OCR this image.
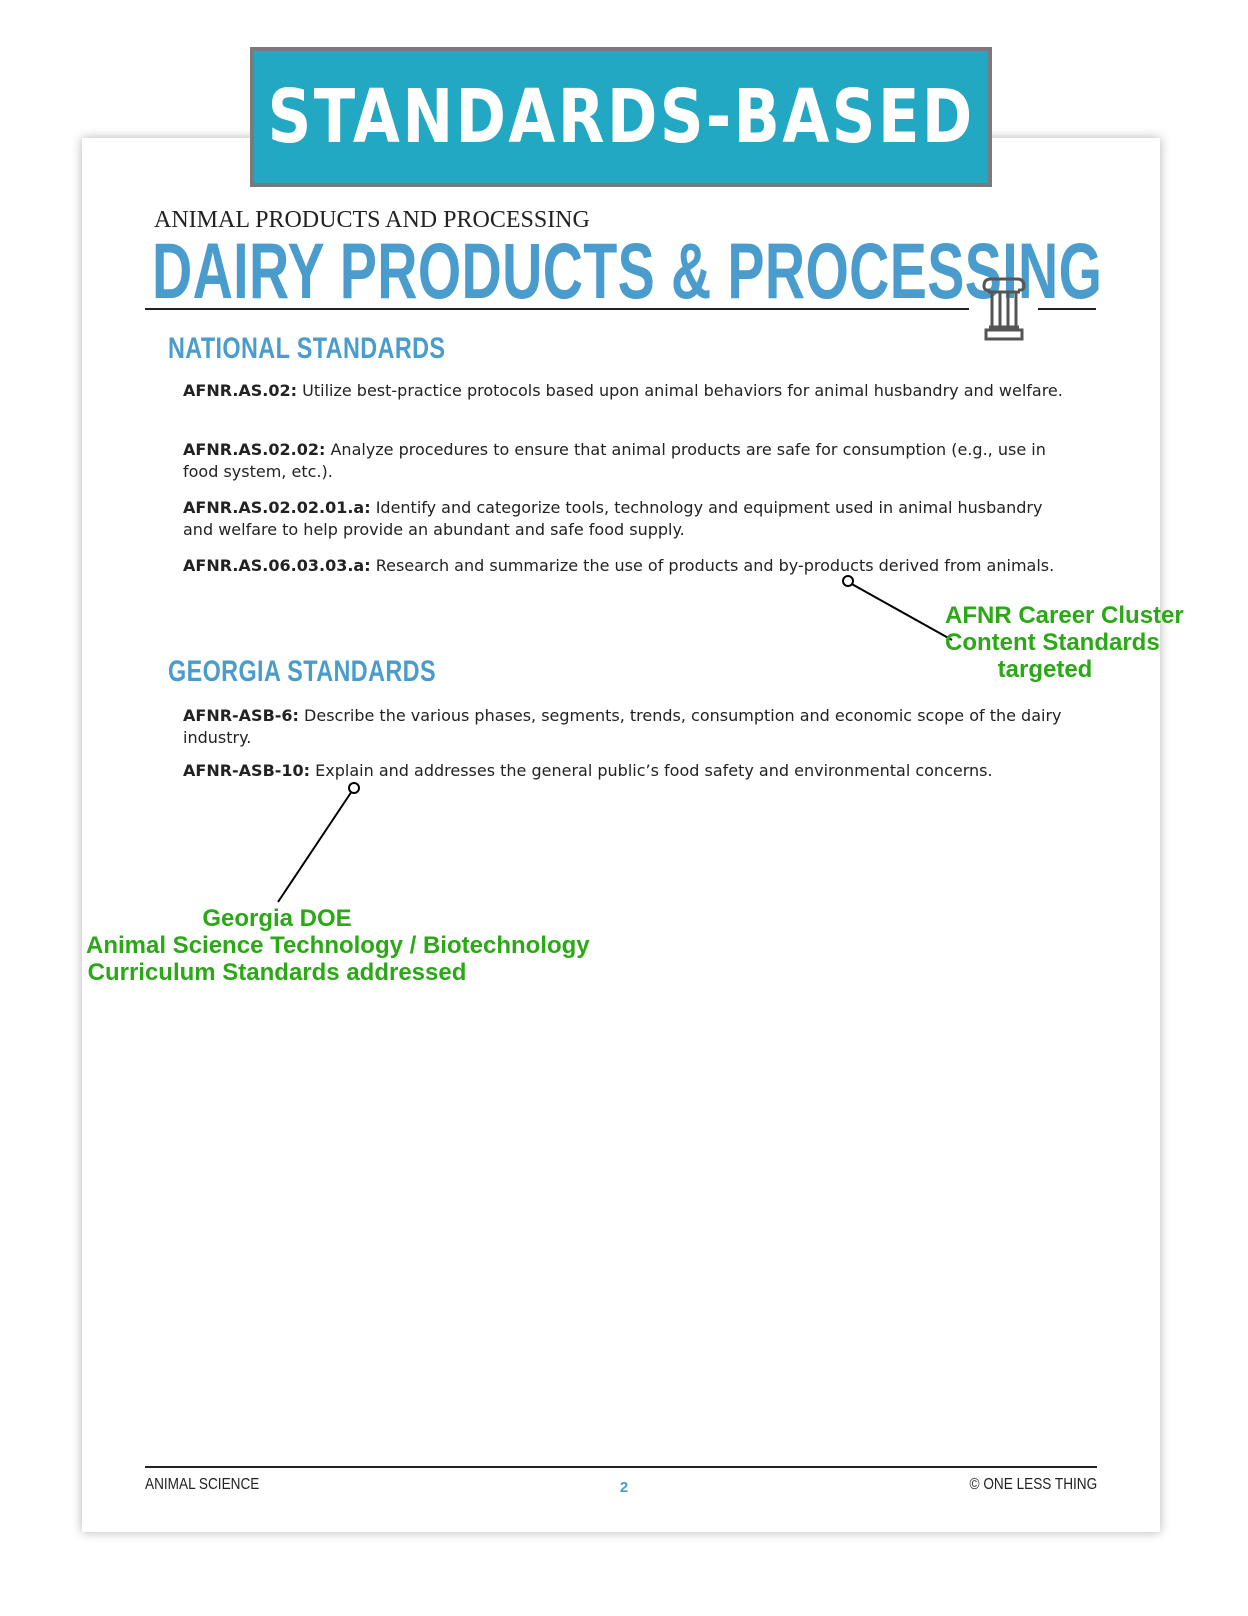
STANDARDS-BASED
ANIMAL PRODUCTS AND PROCESSING
DAIRY PRODUCTS & PROCESSING
NATIONAL STANDARDS
AFNR.AS.02: Utilize best-practice protocols based upon animal behaviors for animal husbandry and welfare.
AFNR.AS.02.02: Analyze procedures to ensure that animal products are safe for consumption (e.g., use in food system, etc.).
AFNR.AS.02.02.01.a: Identify and categorize tools, technology and equipment used in animal husbandry and welfare to help provide an abundant and safe food supply.
AFNR.AS.06.03.03.a: Research and summarize the use of products and by-products derived from animals.
GEORGIA STANDARDS
AFNR-ASB-6: Describe the various phases, segments, trends, consumption and economic scope of the dairy industry.
AFNR-ASB-10: Explain and addresses the general public’s food safety and environmental concerns.
AFNR Career Cluster
Content Standards
targeted
Georgia DOE
Animal Science Technology / Biotechnology
Curriculum Standards addressed
ANIMAL SCIENCE	2	© ONE LESS THING
